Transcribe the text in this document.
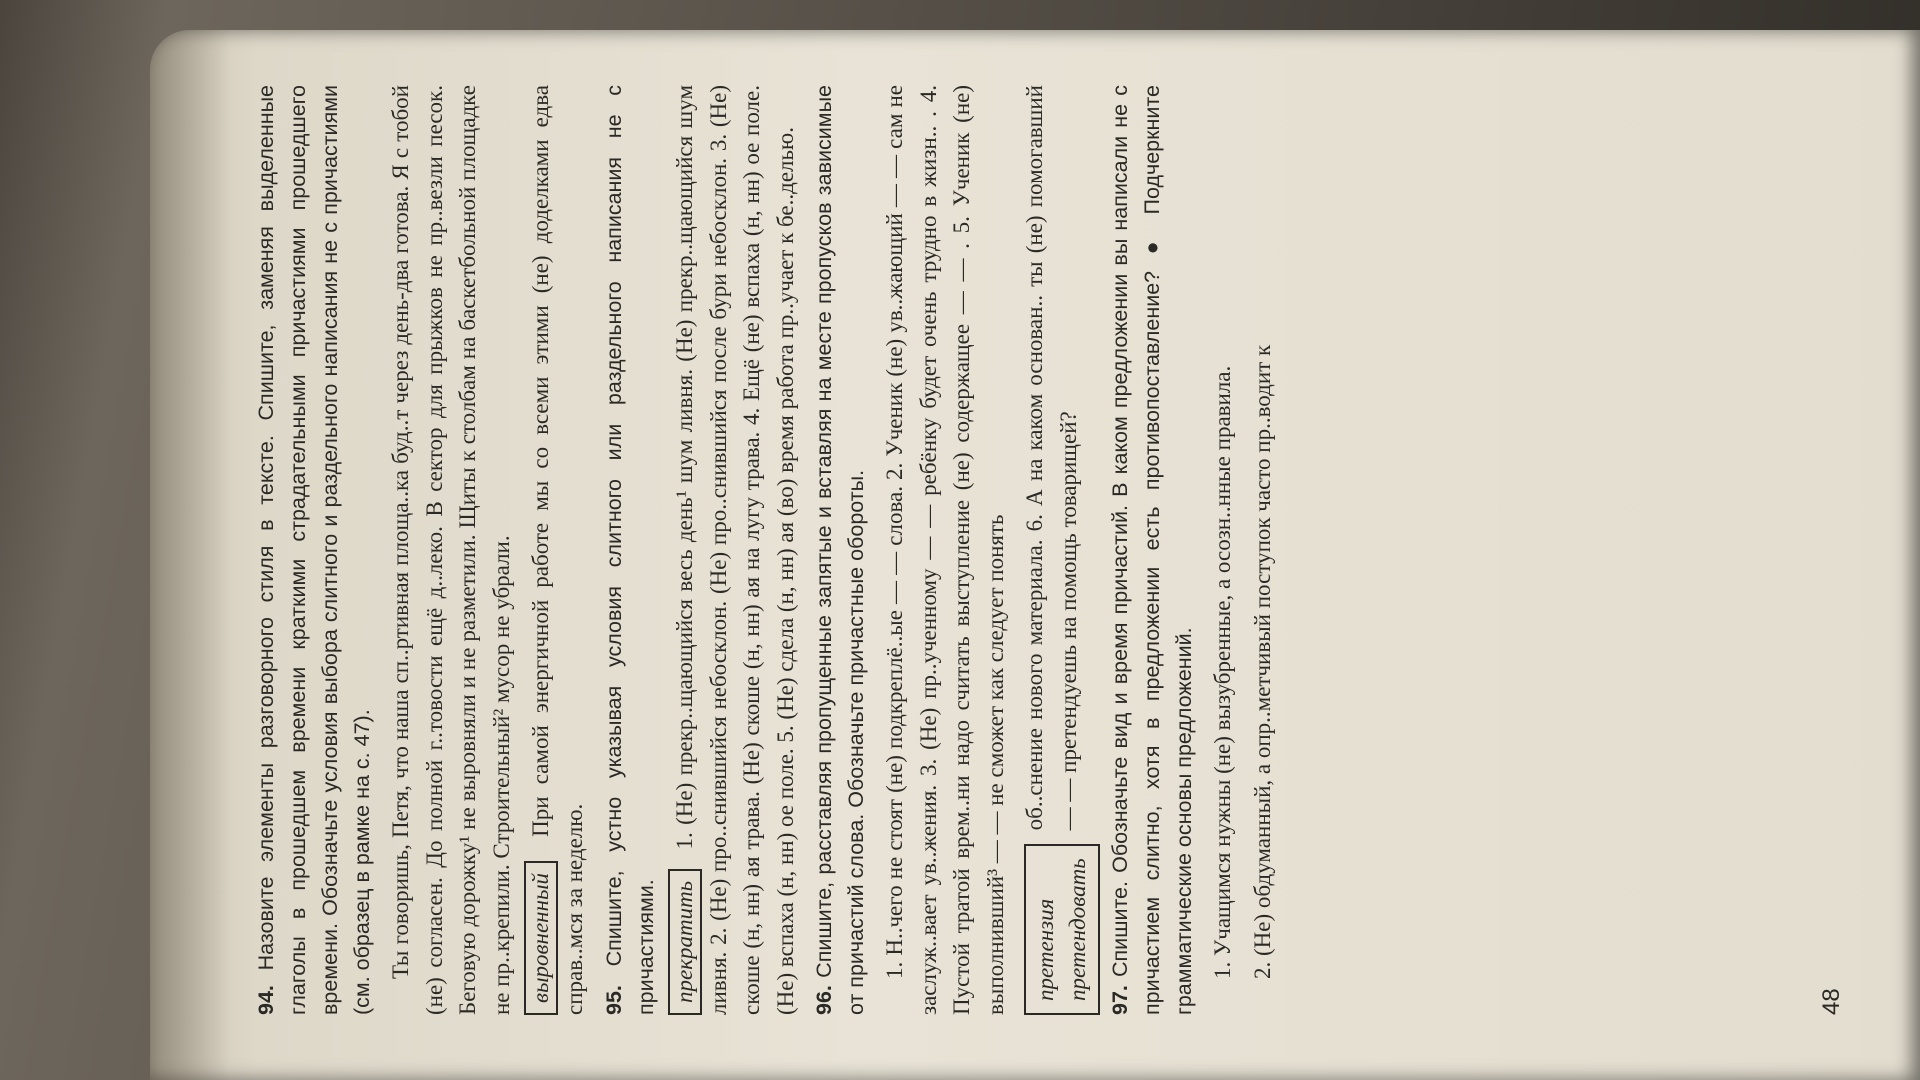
94. Назовите элементы разговорного стиля в тексте. Спишите, заменяя выделенные глаголы в прошедшем времени краткими страдательными причастиями прошедшего времени. Обозначьте условия выбора слитного и раздельного написания не с причастиями (см. образец в рамке на с. 47). Ты говоришь, Петя, что наша сп..ртивная площа..ка буд..т через день-два готова. Я с тобой (не) согласен. До полной г..товости ещё д..леко. В сектор для прыжков не пр..везли песок. Беговую дорожку¹ не выровняли и не разметили. Щиты к столбам на баскетбольной площадке не пр..крепили. Строительный² мусор не убрали. выровненный При самой энергичной работе мы со всеми этими (не) доделками едва справ..мся за неделю. 95. Спишите, устно указывая условия слитного или раздельного написания не с причастиями. прекратить 1. (Не) прекр..щающийся весь день¹ шум ливня. (Не) прекр..щающийся шум ливня. 2. (Не) про..снившийся небосклон. (Не) про..снившийся после бури небосклон. 3. (Не) скоше (н, нн) ая трава. (Не) скоше (н, нн) ая на лугу трава. 4. Ещё (не) вспаха (н, нн) ое поле. (Не) вспаха (н, нн) ое поле. 5. (Не) сдела (н, нн) ая (во) время работа пр..учает к бе..делью. 96. Спишите, расставляя пропущенные запятые и вставляя на месте пропусков зависимые от причастий слова. Обозначьте причастные обороты. 1. Н..чего не стоят (не) подкреплё..ые — — слова. 2. Ученик (не) ув..жающий — — сам не заслуж..вает ув..жения. 3. (Не) пр..ученному — — ребёнку будет очень трудно в жизн.. . 4. Пустой тратой врем..ни надо считать выступление (не) содержащее — — . 5. Ученик (не) выполнивший³ — — не сможет как следует понять претензия претендовать

об..снение нового материала. 6. А на каком основан.. ты (не) помогавший — — претендуешь на помощь товарищей?

97. Спишите. Обозначьте вид и время причастий. В каком предложении вы написали не с причастием слитно, хотя в предложении есть противопоставление? ● Подчеркните грамматические основы предложений. 1. Учащимся нужны (не) вызубренные, а осозн..нные правила. 2. (Не) обдуманный, а опр..метчивый поступок часто пр..водит к

48
